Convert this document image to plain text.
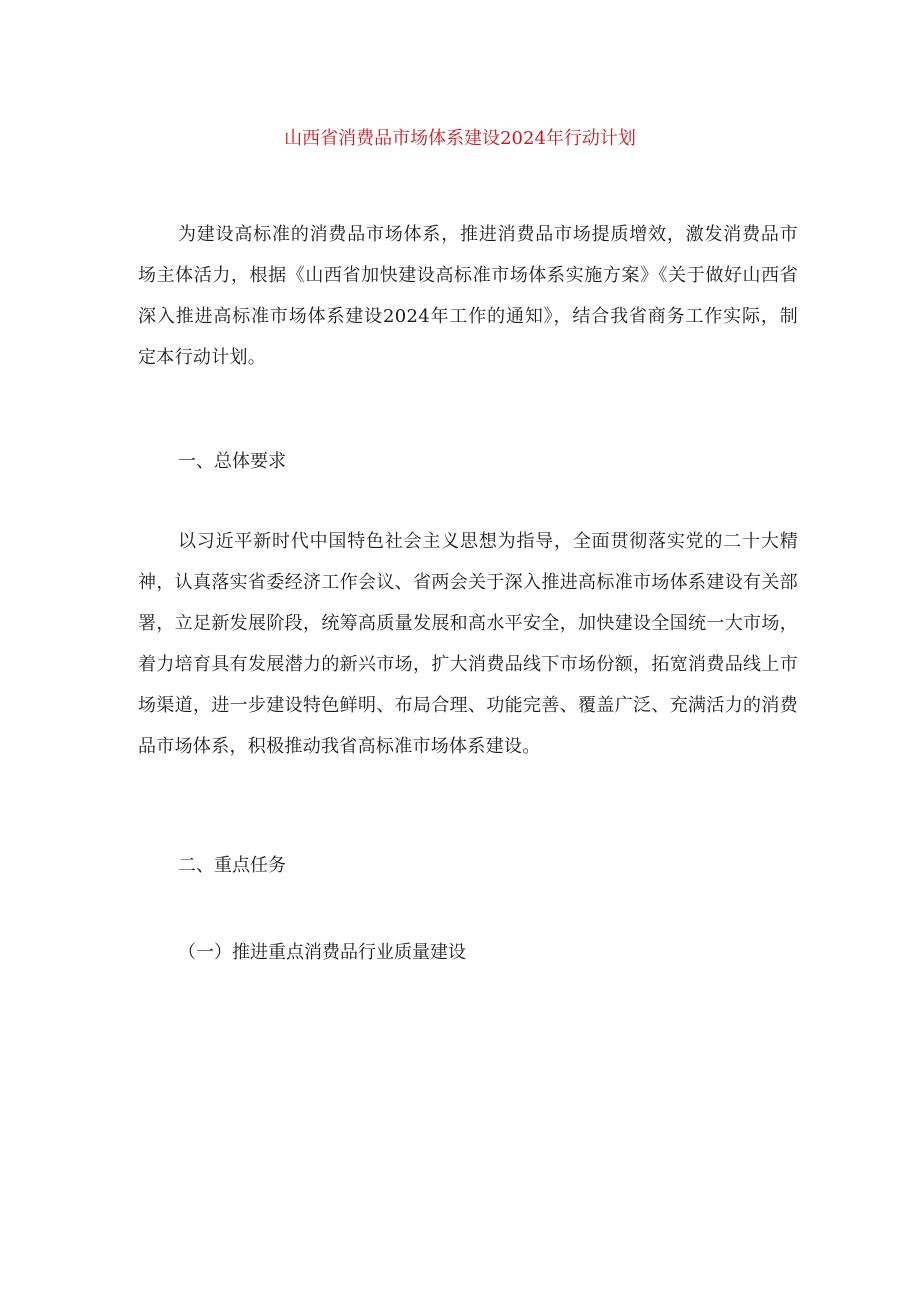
山西省消费品市场体系建设2024年行动计划

为建设高标准的消费品市场体系，推进消费品市场提质增效，激发消费品市场主体活力，根据《山西省加快建设高标准市场体系实施方案》《关于做好山西省深入推进高标准市场体系建设2024年工作的通知》，结合我省商务工作实际，制定本行动计划。

一、总体要求

以习近平新时代中国特色社会主义思想为指导，全面贯彻落实党的二十大精神，认真落实省委经济工作会议、省两会关于深入推进高标准市场体系建设有关部署，立足新发展阶段，统筹高质量发展和高水平安全，加快建设全国统一大市场，着力培育具有发展潜力的新兴市场，扩大消费品线下市场份额，拓宽消费品线上市场渠道，进一步建设特色鲜明、布局合理、功能完善、覆盖广泛、充满活力的消费品市场体系，积极推动我省高标准市场体系建设。

二、重点任务
（一）推进重点消费品行业质量建设
